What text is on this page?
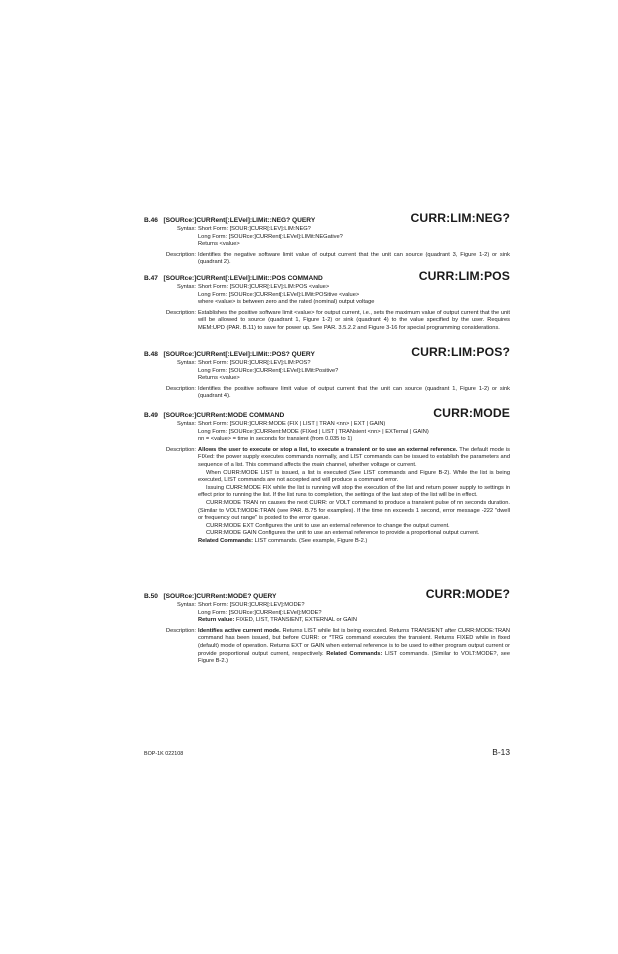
B.46 [SOURce:]CURRent[:LEVel]:LIMit::NEG? QUERY	CURR:LIM:NEG?
Syntax: Short Form: [SOUR:]CURR[:LEV]:LIM:NEG?
Long Form: [SOURce:]CURRent[:LEVel]:LIMit:NEGative?
Returns <value>
Description: Identifies the negative software limit value of output current that the unit can source (quadrant 3, Figure 1-2) or sink (quadrant 2).

B.47 [SOURce:]CURRent[:LEVel]:LIMit::POS COMMAND	CURR:LIM:POS
Syntax: Short Form: [SOUR:]CURR[:LEV]:LIM:POS <value>
Long Form: [SOURce:]CURRent[:LEVel]:LIMit:POSitive <value>
where <value> is between zero and the rated (nominal) output voltage
Description: Establishes the positive software limit <value> for output current, i.e., sets the maximum value of output current that the unit will be allowed to source (quadrant 1, Figure 1-2) or sink (quadrant 4) to the value specified by the user. Requires MEM:UPD (PAR. B.11) to save for power up. See PAR. 3.5.2.2 and Figure 3-16 for special programming considerations.

B.48 [SOURce:]CURRent[:LEVel]:LIMit::POS? QUERY	CURR:LIM:POS?
Syntax: Short Form: [SOUR:]CURR[:LEV]:LIM:POS?
Long Form: [SOURce:]CURRent[:LEVel]:LIMit:Positive?
Returns <value>
Description: Identifies the positive software limit value of output current that the unit can source (quadrant 1, Figure 1-2) or sink (quadrant 4).

B.49 [SOURce:]CURRent:MODE COMMAND	CURR:MODE
Syntax: Short Form: [SOUR:]CURR:MODE (FIX | LIST | TRAN <nn> | EXT | GAIN)
Long Form: [SOURce:]CURRent:MODE (FIXed | LIST | TRANsient <nn> | EXTernal | GAIN)
nn = <value> = time in seconds for transient (from 0.035 to 1)
Description: Allows the user to execute or stop a list, to execute a transient or to use an external reference. The default mode is FIXed: the power supply executes commands normally, and LIST commands can be issued to establish the parameters and sequence of a list. This command affects the main channel, whether voltage or current.

When CURR:MODE LIST is issued, a list is executed (See LIST commands and Figure B-2). While the list is being executed, LIST commands are not accepted and will produce a command error.

Issuing CURR:MODE FIX while the list is running will stop the execution of the list and return power supply to settings in effect prior to running the list. If the list runs to completion, the settings of the last step of the list will be in effect.

CURR:MODE TRAN nn causes the next CURR: or VOLT command to produce a transient pulse of nn seconds duration. (Similar to VOLT:MODE:TRAN (see PAR. B.75 for examples). If the time nn exceeds 1 second, error message -222 "dwell or frequency out range" is posted to the error queue.

CURR:MODE EXT Configures the unit to use an external reference to change the output current.

CURR:MODE GAIN Configures the unit to use an external reference to provide a proportional output current.

Related Commands: LIST commands. (See example, Figure B-2.)

B.50 [SOURce:]CURRent:MODE? QUERY	CURR:MODE?
Syntax: Short Form: [SOUR:]CURR[:LEV]:MODE?
Long Form: [SOURce:]CURRent[:LEVel]:MODE?
Return value: FIXED, LIST, TRANSIENT, EXTERNAL or GAIN
Description: Identifies active current mode. Returns LIST while list is being executed. Returns TRANSIENT after CURR:MODE:TRAN command has been issued, but before CURR: or *TRG command executes the transient. Returns FIXED while in fixed (default) mode of operation. Returns EXT or GAIN when external reference is to be used to either program output current or provide proportional output current, respectively. Related Commands: LIST commands. (Similar to VOLT:MODE?, see Figure B-2.)

BOP-1K 022108	B-13
